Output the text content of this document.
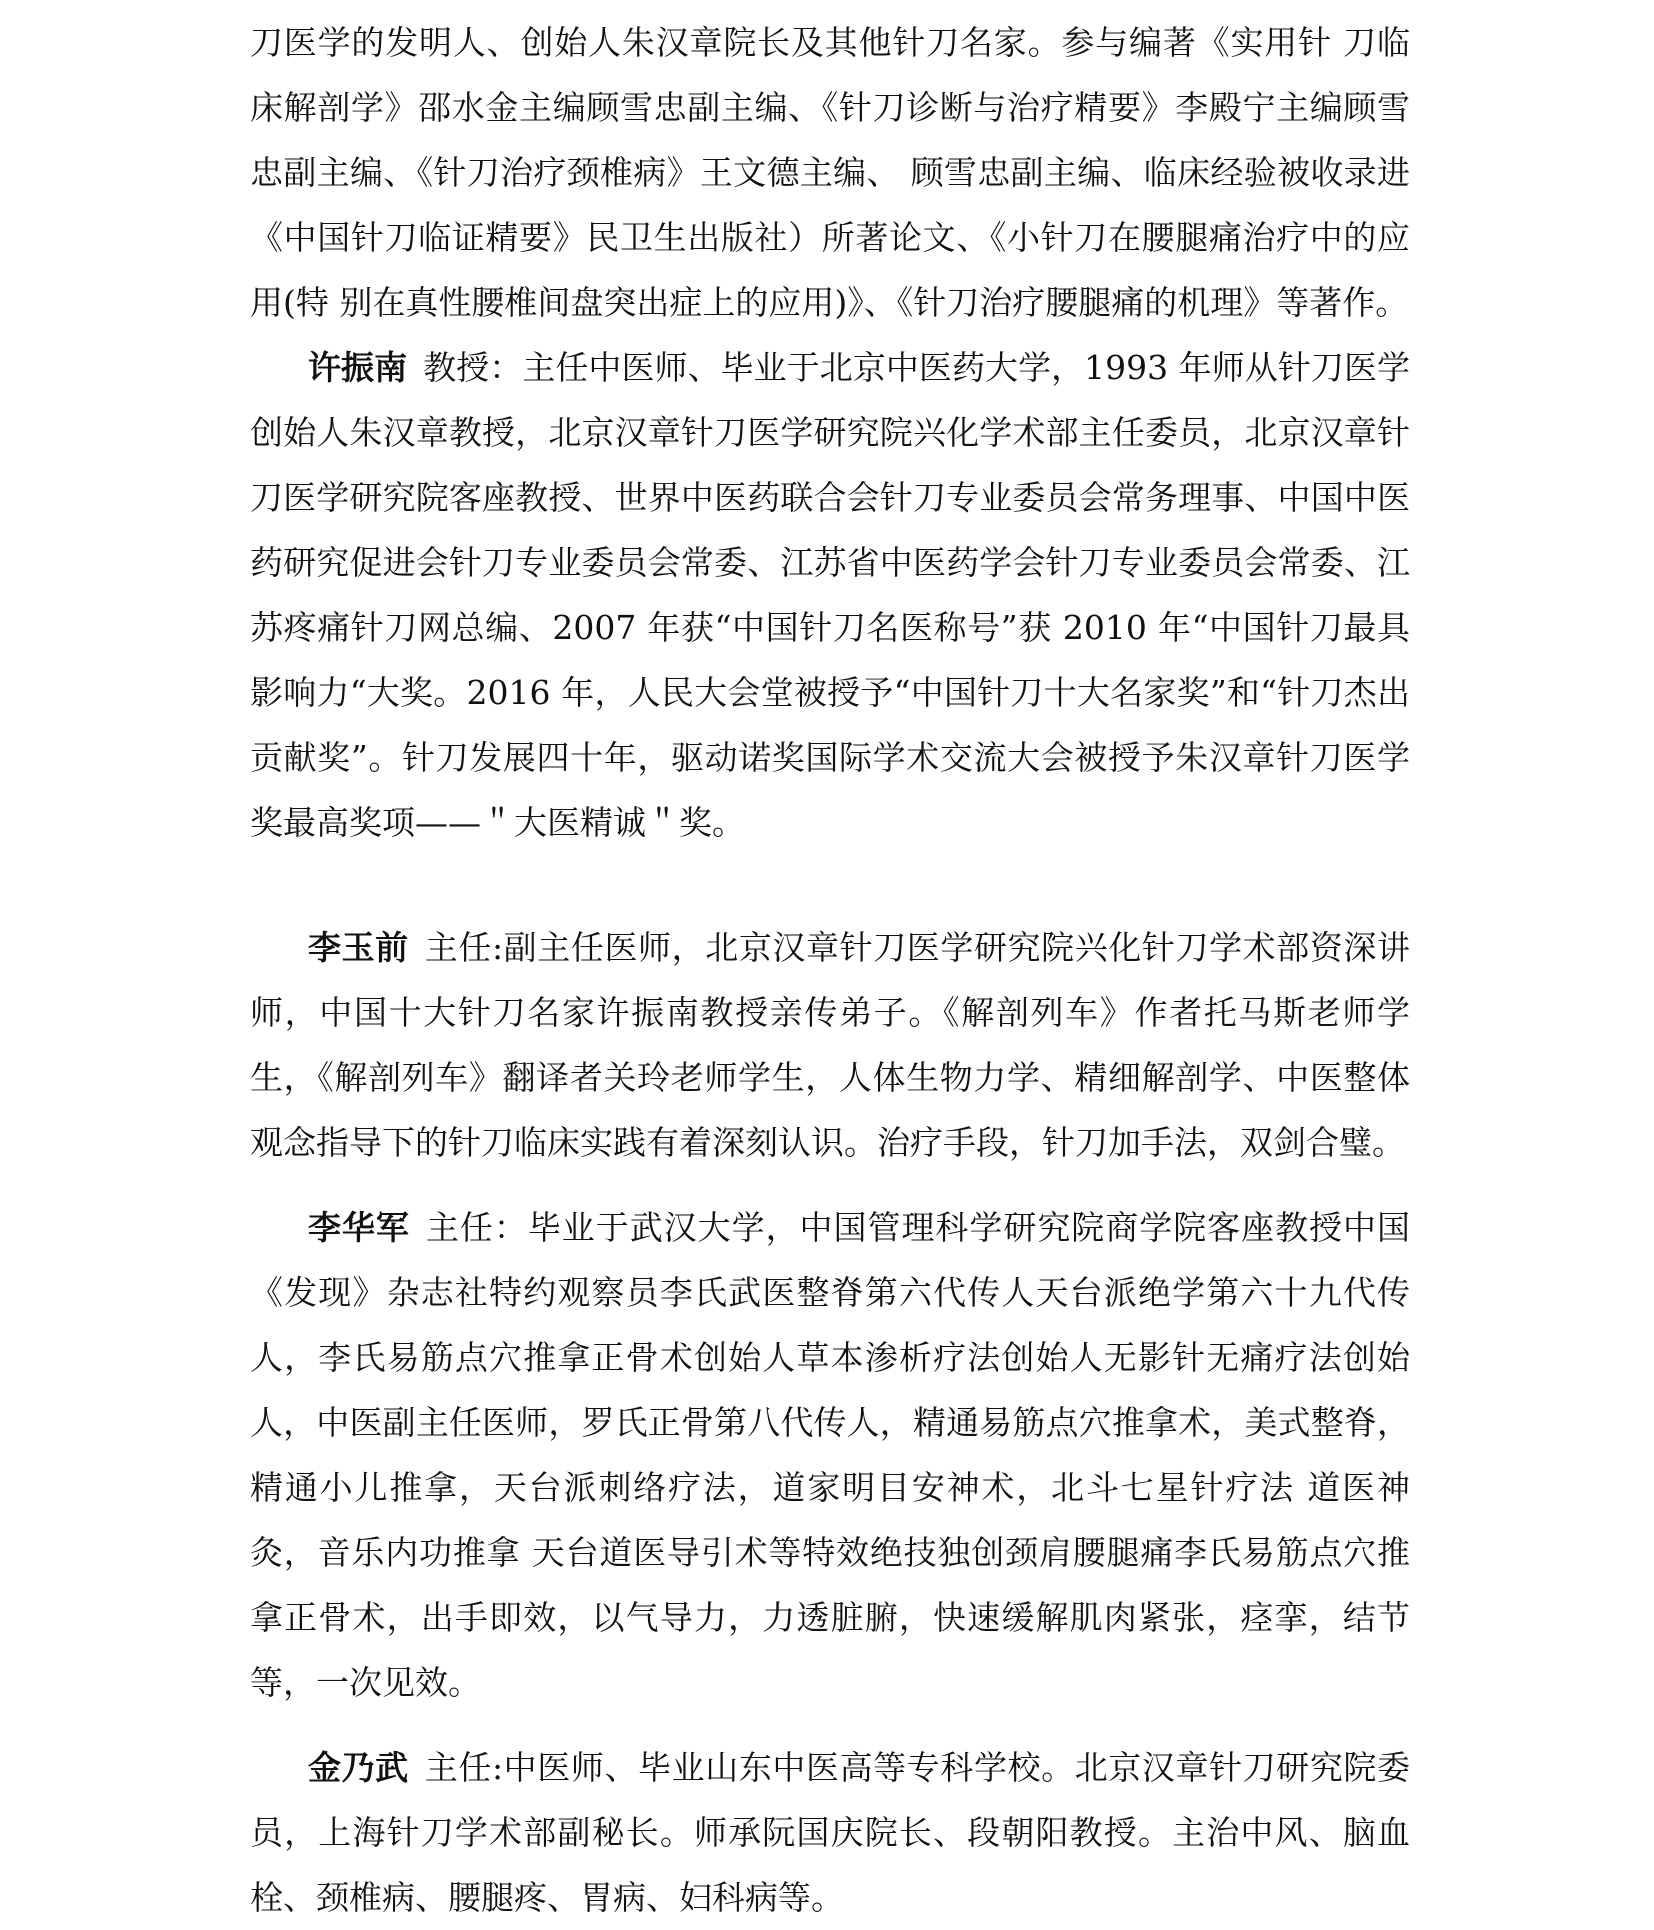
刀医学的发明人、创始人朱汉章院长及其他针刀名家。参与编著《实用针 刀临床解剖学》邵水金主编顾雪忠副主编、《针刀诊断与治疗精要》李殿宁主编顾雪忠副主编、《针刀治疗颈椎病》王文德主编、 顾雪忠副主编、临床经验被收录进《中国针刀临证精要》民卫生出版社）所著论文、《小针刀在腰腿痛治疗中的应用(特 别在真性腰椎间盘突出症上的应用)》、《针刀治疗腰腿痛的机理》等著作。

许振南 教授：主任中医师、毕业于北京中医药大学，1993 年师从针刀医学创始人朱汉章教授，北京汉章针刀医学研究院兴化学术部主任委员，北京汉章针刀医学研究院客座教授、世界中医药联合会针刀专业委员会常务理事、中国中医药研究促进会针刀专业委员会常委、江苏省中医药学会针刀专业委员会常委、江苏疼痛针刀网总编、2007 年获“中国针刀名医称号”获 2010 年“中国针刀最具影响力“大奖。2016 年，人民大会堂被授予“中国针刀十大名家奖”和“针刀杰出贡献奖”。针刀发展四十年，驱动诺奖国际学术交流大会被授予朱汉章针刀医学奖最高奖项——＂大医精诚＂奖。

李玉前 主任:副主任医师，北京汉章针刀医学研究院兴化针刀学术部资深讲师，中国十大针刀名家许振南教授亲传弟子。《解剖列车》作者托马斯老师学生，《解剖列车》翻译者关玲老师学生，人体生物力学、精细解剖学、中医整体观念指导下的针刀临床实践有着深刻认识。治疗手段，针刀加手法，双剑合璧。

李华军 主任：毕业于武汉大学，中国管理科学研究院商学院客座教授中国《发现》杂志社特约观察员李氏武医整脊第六代传人天台派绝学第六十九代传人，李氏易筋点穴推拿正骨术创始人草本渗析疗法创始人无影针无痛疗法创始人，中医副主任医师，罗氏正骨第八代传人，精通易筋点穴推拿术，美式整脊，精通小儿推拿，天台派刺络疗法，道家明目安神术，北斗七星针疗法 道医神灸，音乐内功推拿 天台道医导引术等特效绝技独创颈肩腰腿痛李氏易筋点穴推拿正骨术，出手即效，以气导力，力透脏腑，快速缓解肌肉紧张，痉挛，结节等，一次见效。

金乃武 主任:中医师、毕业山东中医高等专科学校。北京汉章针刀研究院委员，上海针刀学术部副秘长。师承阮国庆院长、段朝阳教授。主治中风、脑血栓、颈椎病、腰腿疼、胃病、妇科病等。
